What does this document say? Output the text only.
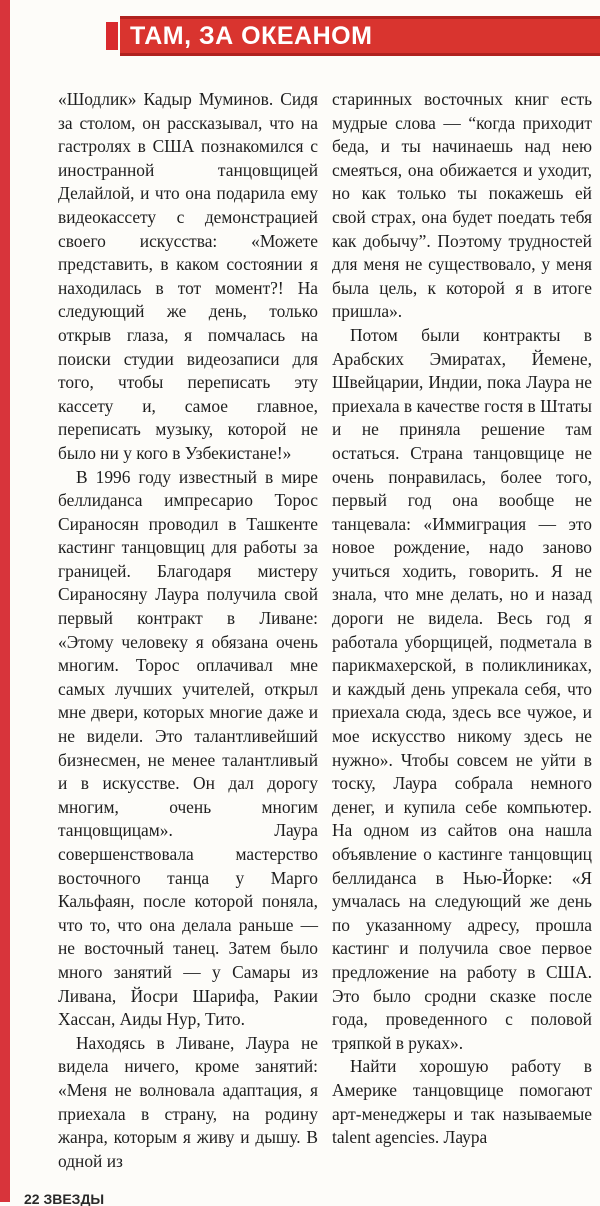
ТАМ, ЗА ОКЕАНОМ

«Шодлик» Кадыр Муминов. Сидя за столом, он рассказывал, что на гастролях в США познакомился с иностранной танцовщицей Делайлой, и что она подарила ему видеокассету с демонстрацией своего искусства: «Можете представить, в каком состоянии я находилась в тот момент?! На следующий же день, только открыв глаза, я помчалась на поиски студии видеозаписи для того, чтобы переписать эту кассету и, самое главное, переписать музыку, которой не было ни у кого в Узбекистане!»

В 1996 году известный в мире беллиданса импресарио Торос Сираносян проводил в Ташкенте кастинг танцовщиц для работы за границей. Благодаря мистеру Сираносяну Лаура получила свой первый контракт в Ливане: «Этому человеку я обязана очень многим. Торос оплачивал мне самых лучших учителей, открыл мне двери, которых многие даже и не видели. Это талантливейший бизнесмен, не менее талантливый и в искусстве. Он дал дорогу многим, очень многим танцовщицам». Лаура совершенствовала мастерство восточного танца у Марго Кальфаян, после которой поняла, что то, что она делала раньше — не восточный танец. Затем было много занятий — у Самары из Ливана, Йосри Шарифа, Ракии Хассан, Аиды Нур, Тито.

Находясь в Ливане, Лаура не видела ничего, кроме занятий: «Меня не волновала адаптация, я приехала в страну, на родину жанра, которым я живу и дышу. В одной из

старинных восточных книг есть мудрые слова — “когда приходит беда, и ты начинаешь над нею смеяться, она обижается и уходит, но как только ты покажешь ей свой страх, она будет поедать тебя как добычу”. Поэтому трудностей для меня не существовало, у меня была цель, к которой я в итоге пришла».

Потом были контракты в Арабских Эмиратах, Йемене, Швейцарии, Индии, пока Лаура не приехала в качестве гостя в Штаты и не приняла решение там остаться. Страна танцовщице не очень понравилась, более того, первый год она вообще не танцевала: «Иммиграция — это новое рождение, надо заново учиться ходить, говорить. Я не знала, что мне делать, но и назад дороги не видела. Весь год я работала уборщицей, подметала в парикмахерской, в поликлиниках, и каждый день упрекала себя, что приехала сюда, здесь все чужое, и мое искусство никому здесь не нужно». Чтобы совсем не уйти в тоску, Лаура собрала немного денег, и купила себе компьютер. На одном из сайтов она нашла объявление о кастинге танцовщиц беллиданса в Нью-Йорке: «Я умчалась на следующий же день по указанному адресу, прошла кастинг и получила свое первое предложение на работу в США. Это было сродни сказке после года, проведенного с половой тряпкой в руках».

Найти хорошую работу в Америке танцовщице помогают арт-менеджеры и так называемые talent agencies. Лаура

22 ЗВЕЗДЫ
